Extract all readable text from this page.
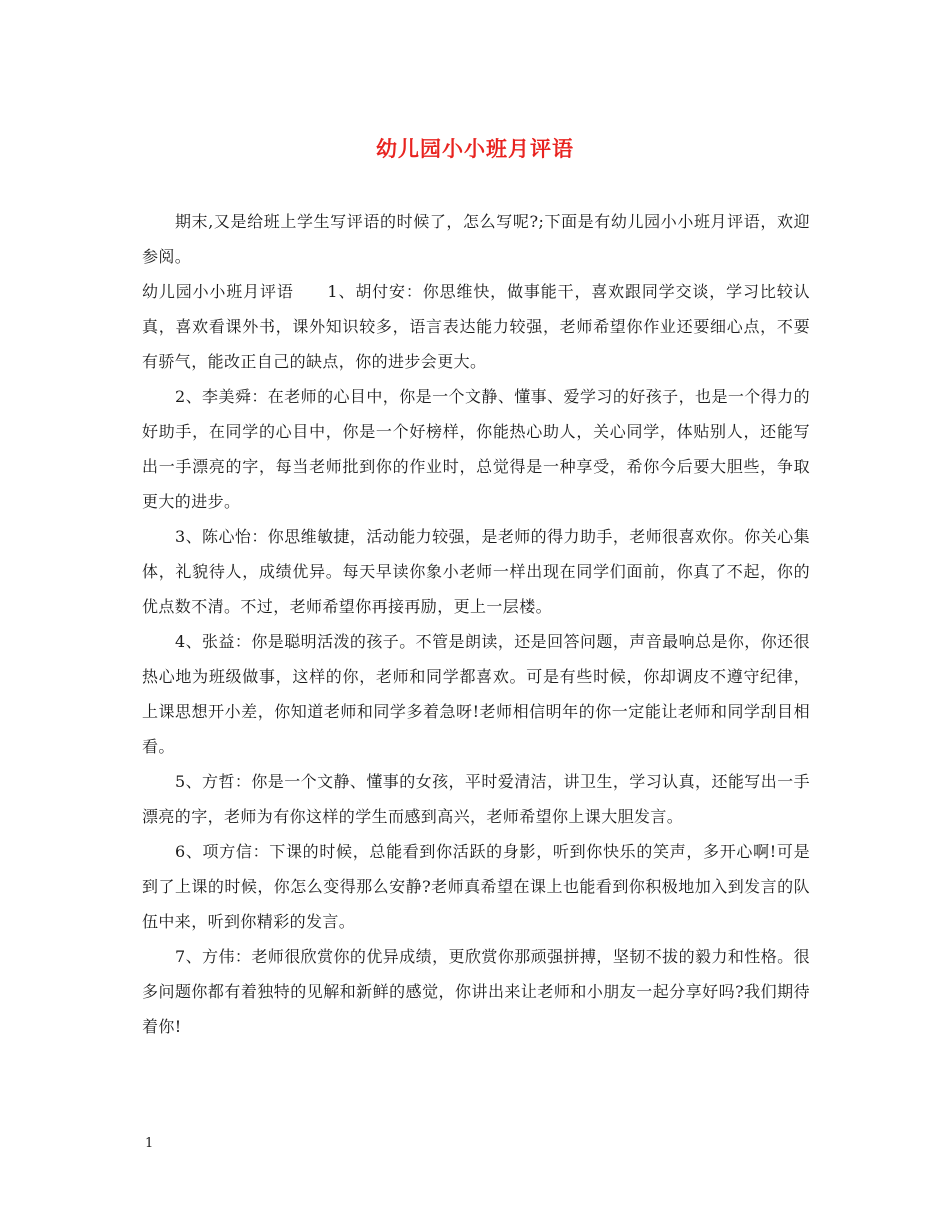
幼儿园小小班月评语

期末,又是给班上学生写评语的时候了，怎么写呢?;下面是有幼儿园小小班月评语，欢迎参阅。

幼儿园小小班月评语　　1、胡付安：你思维快，做事能干，喜欢跟同学交谈，学习比较认真，喜欢看课外书，课外知识较多，语言表达能力较强，老师希望你作业还要细心点，不要有骄气，能改正自己的缺点，你的进步会更大。

2、李美舜：在老师的心目中，你是一个文静、懂事、爱学习的好孩子，也是一个得力的好助手，在同学的心目中，你是一个好榜样，你能热心助人，关心同学，体贴别人，还能写出一手漂亮的字，每当老师批到你的作业时，总觉得是一种享受，希你今后要大胆些，争取更大的进步。

3、陈心怡：你思维敏捷，活动能力较强，是老师的得力助手，老师很喜欢你。你关心集体，礼貌待人，成绩优异。每天早读你象小老师一样出现在同学们面前，你真了不起，你的优点数不清。不过，老师希望你再接再励，更上一层楼。

4、张益：你是聪明活泼的孩子。不管是朗读，还是回答问题，声音最响总是你，你还很热心地为班级做事，这样的你，老师和同学都喜欢。可是有些时候，你却调皮不遵守纪律，上课思想开小差，你知道老师和同学多着急呀!老师相信明年的你一定能让老师和同学刮目相看。

5、方哲：你是一个文静、懂事的女孩，平时爱清洁，讲卫生，学习认真，还能写出一手漂亮的字，老师为有你这样的学生而感到高兴，老师希望你上课大胆发言。

6、项方信：下课的时候，总能看到你活跃的身影，听到你快乐的笑声，多开心啊!可是到了上课的时候，你怎么变得那么安静?老师真希望在课上也能看到你积极地加入到发言的队伍中来，听到你精彩的发言。

7、方伟：老师很欣赏你的优异成绩，更欣赏你那顽强拼搏，坚韧不拔的毅力和性格。很多问题你都有着独特的见解和新鲜的感觉，你讲出来让老师和小朋友一起分享好吗?我们期待着你!

1
